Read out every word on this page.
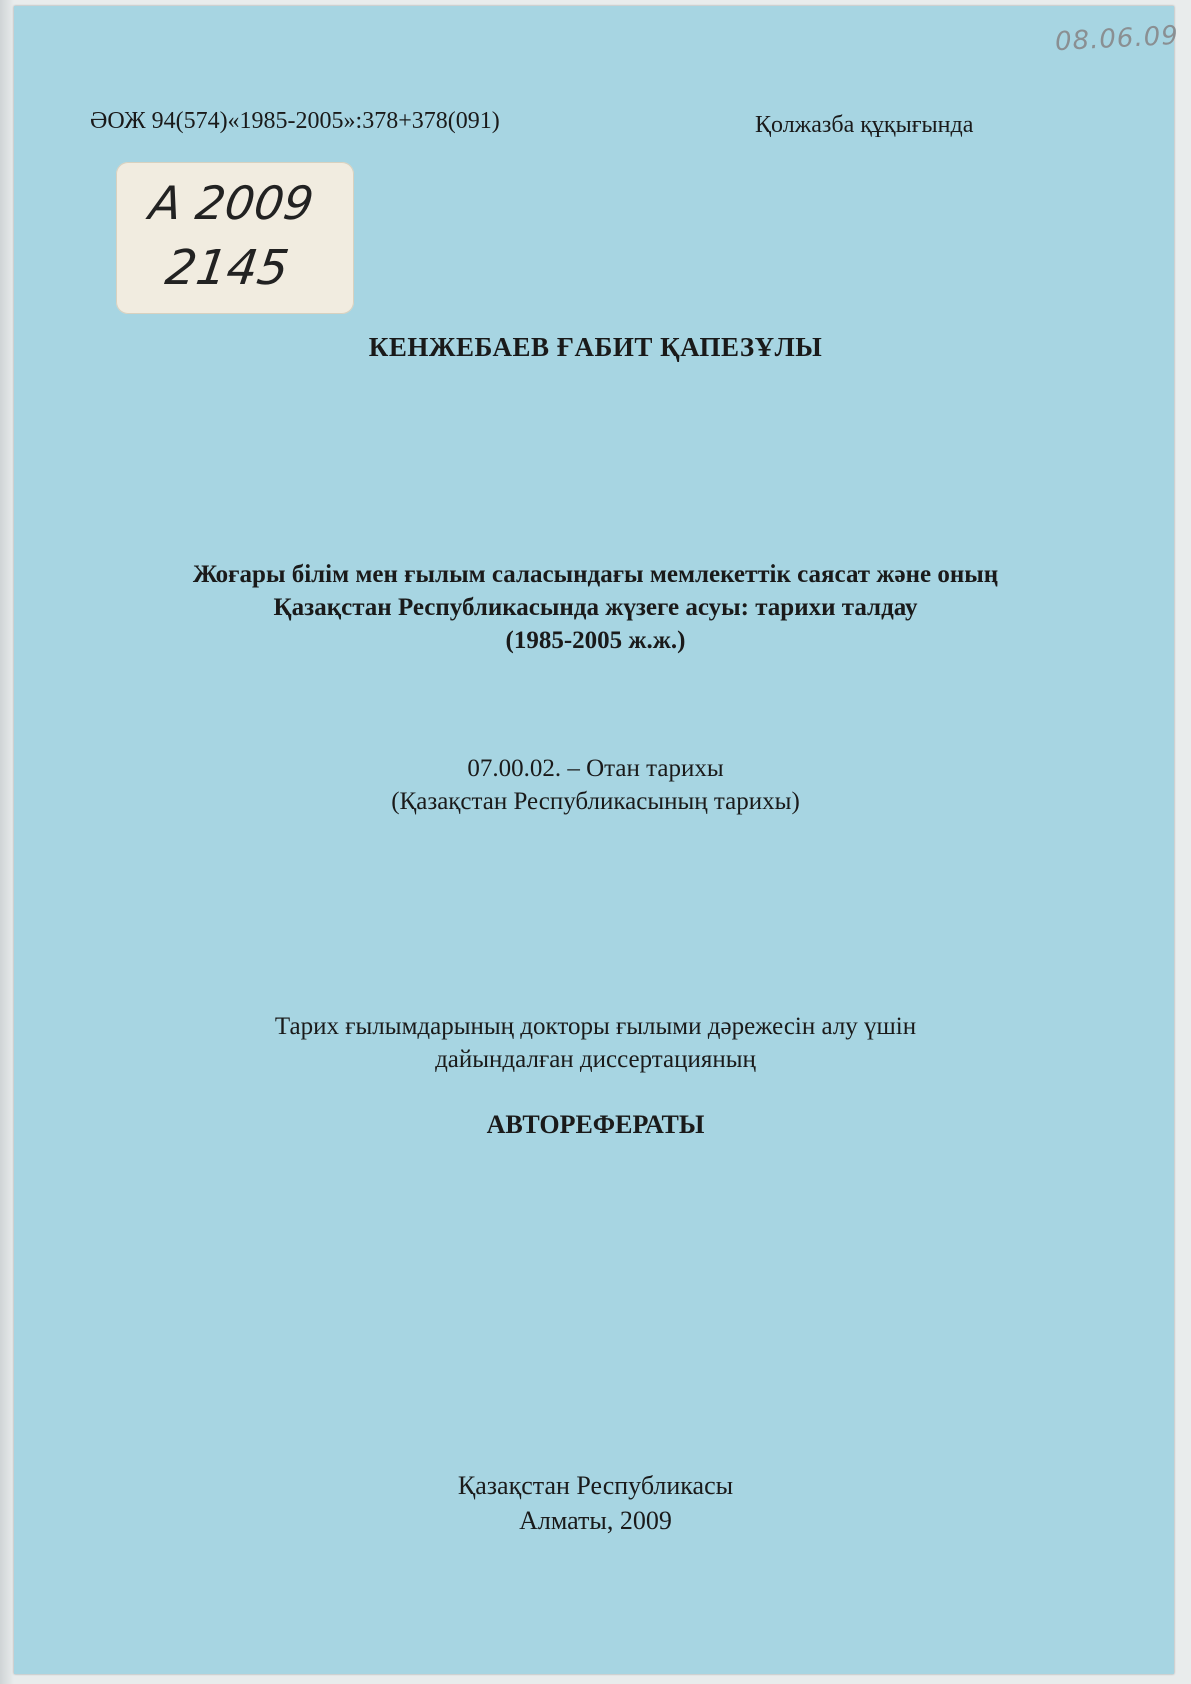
08.06.09
ӘОЖ 94(574)«1985-2005»:378+378(091)	Қолжазба құқығында
А 2009
2145
КЕНЖЕБАЕВ ҒАБИТ ҚАПЕЗҰЛЫ
Жоғары білім мен ғылым саласындағы мемлекеттік саясат және оның
Қазақстан Республикасында жүзеге асуы: тарихи талдау
(1985-2005 ж.ж.)
07.00.02. – Отан тарихы
(Қазақстан Республикасының тарихы)
Тарих ғылымдарының докторы ғылыми дәрежесін алу үшін
дайындалған диссертацияның
АВТОРЕФЕРАТЫ
Қазақстан Республикасы
Алматы, 2009
